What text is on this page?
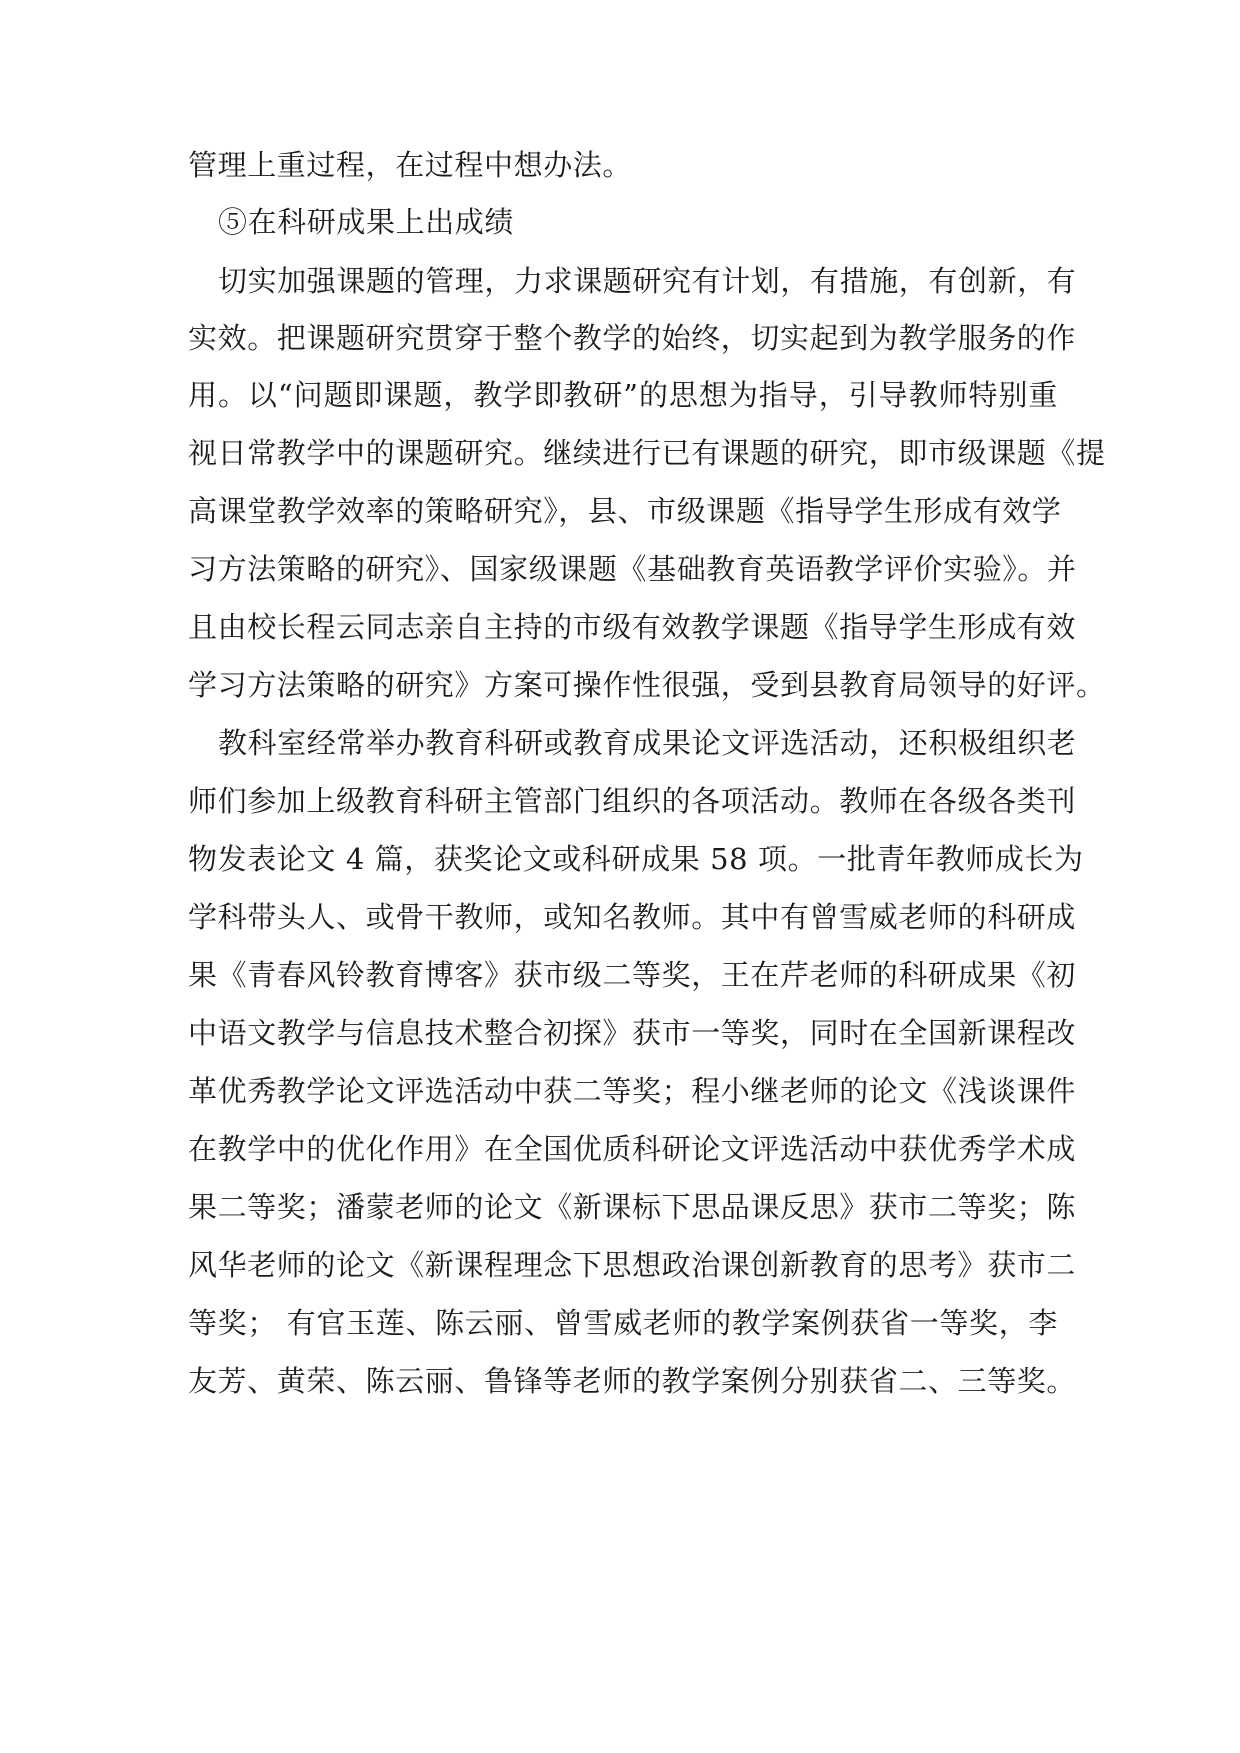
管理上重过程，在过程中想办法。
⑤在科研成果上出成绩
切实加强课题的管理，力求课题研究有计划，有措施，有创新，有
实效。把课题研究贯穿于整个教学的始终，切实起到为教学服务的作
用。以“问题即课题，教学即教研”的思想为指导，引导教师特别重
视日常教学中的课题研究。继续进行已有课题的研究，即市级课题《提
高课堂教学效率的策略研究》，县、市级课题《指导学生形成有效学
习方法策略的研究》、国家级课题《基础教育英语教学评价实验》。并
且由校长程云同志亲自主持的市级有效教学课题《指导学生形成有效
学习方法策略的研究》方案可操作性很强，受到县教育局领导的好评。
教科室经常举办教育科研或教育成果论文评选活动，还积极组织老
师们参加上级教育科研主管部门组织的各项活动。教师在各级各类刊
物发表论文 4 篇，获奖论文或科研成果 58 项。一批青年教师成长为
学科带头人、或骨干教师，或知名教师。其中有曾雪威老师的科研成
果《青春风铃教育博客》获市级二等奖，王在芹老师的科研成果《初
中语文教学与信息技术整合初探》获市一等奖，同时在全国新课程改
革优秀教学论文评选活动中获二等奖；程小继老师的论文《浅谈课件
在教学中的优化作用》在全国优质科研论文评选活动中获优秀学术成
果二等奖；潘蒙老师的论文《新课标下思品课反思》获市二等奖；陈
风华老师的论文《新课程理念下思想政治课创新教育的思考》获市二
等奖； 有官玉莲、陈云丽、曾雪威老师的教学案例获省一等奖，李
友芳、黄荣、陈云丽、鲁锋等老师的教学案例分别获省二、三等奖。
